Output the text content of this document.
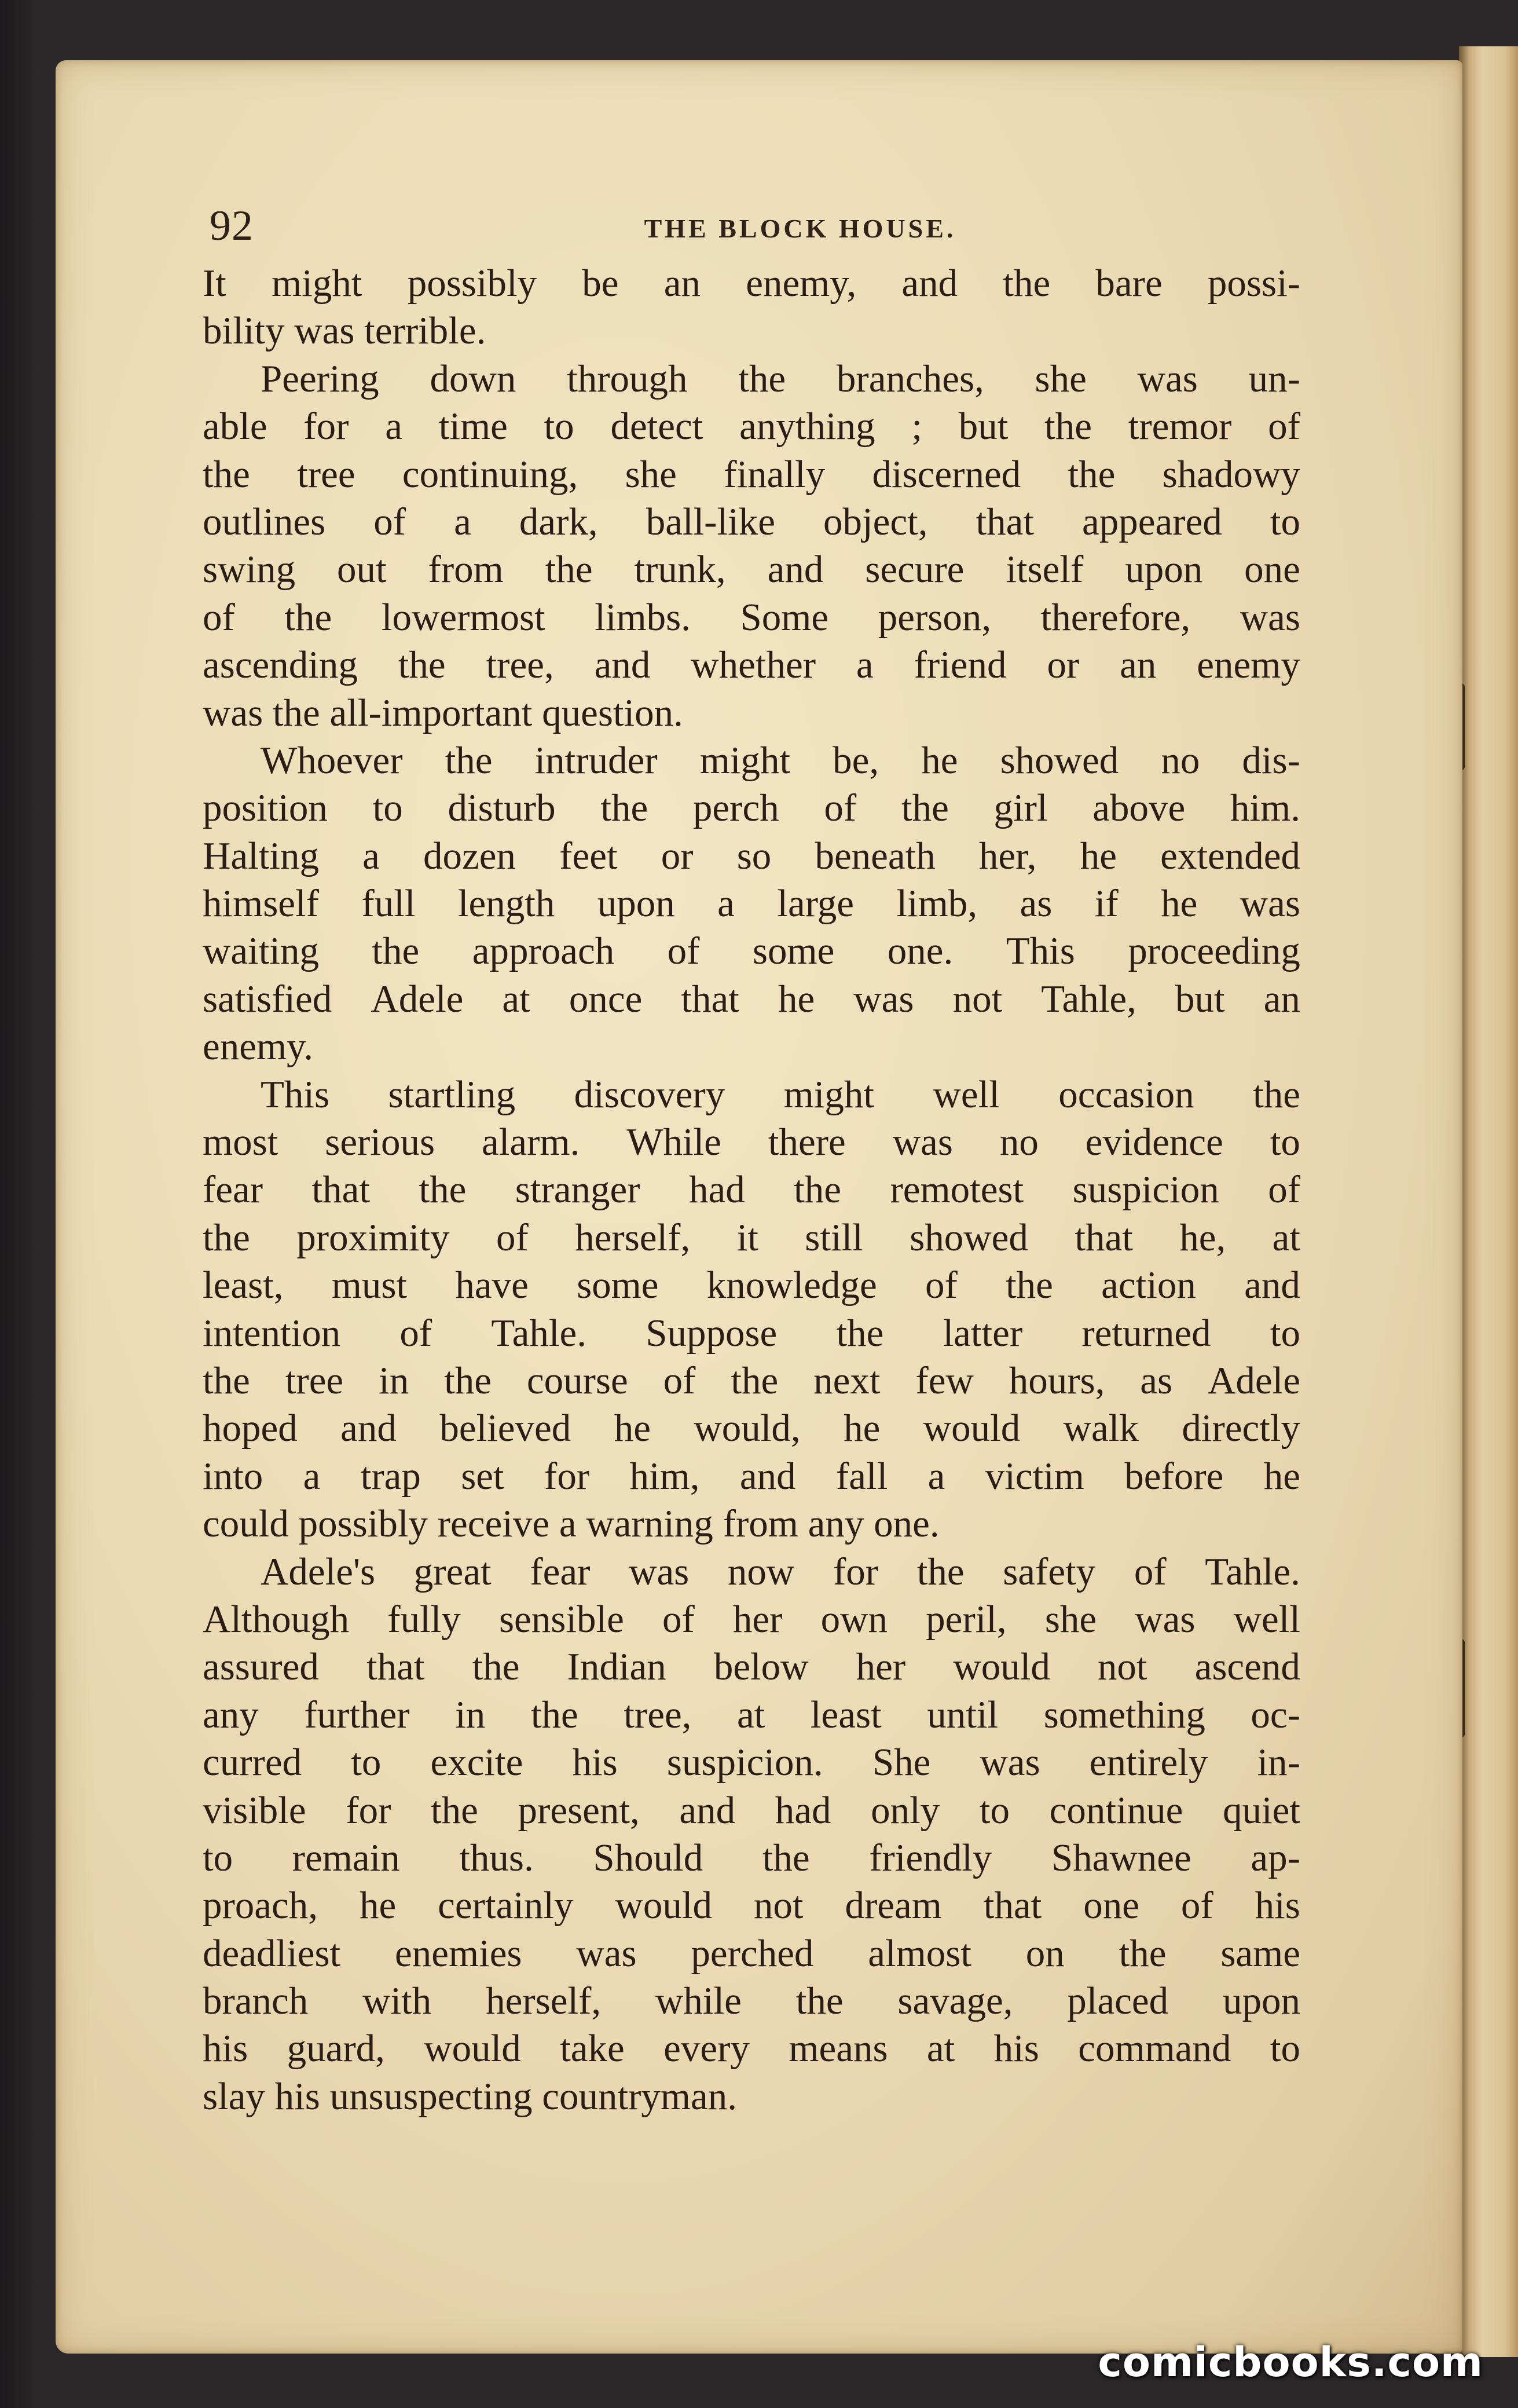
92	THE BLOCK HOUSE.
It might possibly be an enemy, and the bare possi-
bility was terrible.
Peering down through the branches, she was un-
able for a time to detect anything ; but the tremor of
the tree continuing, she finally discerned the shadowy
outlines of a dark, ball-like object, that appeared to
swing out from the trunk, and secure itself upon one
of the lowermost limbs. Some person, therefore, was
ascending the tree, and whether a friend or an enemy
was the all-important question.
Whoever the intruder might be, he showed no dis-
position to disturb the perch of the girl above him.
Halting a dozen feet or so beneath her, he extended
himself full length upon a large limb, as if he was
waiting the approach of some one. This proceeding
satisfied Adele at once that he was not Tahle, but an
enemy.
This startling discovery might well occasion the
most serious alarm. While there was no evidence to
fear that the stranger had the remotest suspicion of
the proximity of herself, it still showed that he, at
least, must have some knowledge of the action and
intention of Tahle. Suppose the latter returned to
the tree in the course of the next few hours, as Adele
hoped and believed he would, he would walk directly
into a trap set for him, and fall a victim before he
could possibly receive a warning from any one.
Adele's great fear was now for the safety of Tahle.
Although fully sensible of her own peril, she was well
assured that the Indian below her would not ascend
any further in the tree, at least until something oc-
curred to excite his suspicion. She was entirely in-
visible for the present, and had only to continue quiet
to remain thus. Should the friendly Shawnee ap-
proach, he certainly would not dream that one of his
deadliest enemies was perched almost on the same
branch with herself, while the savage, placed upon
his guard, would take every means at his command to
slay his unsuspecting countryman.
comicbooks.com
